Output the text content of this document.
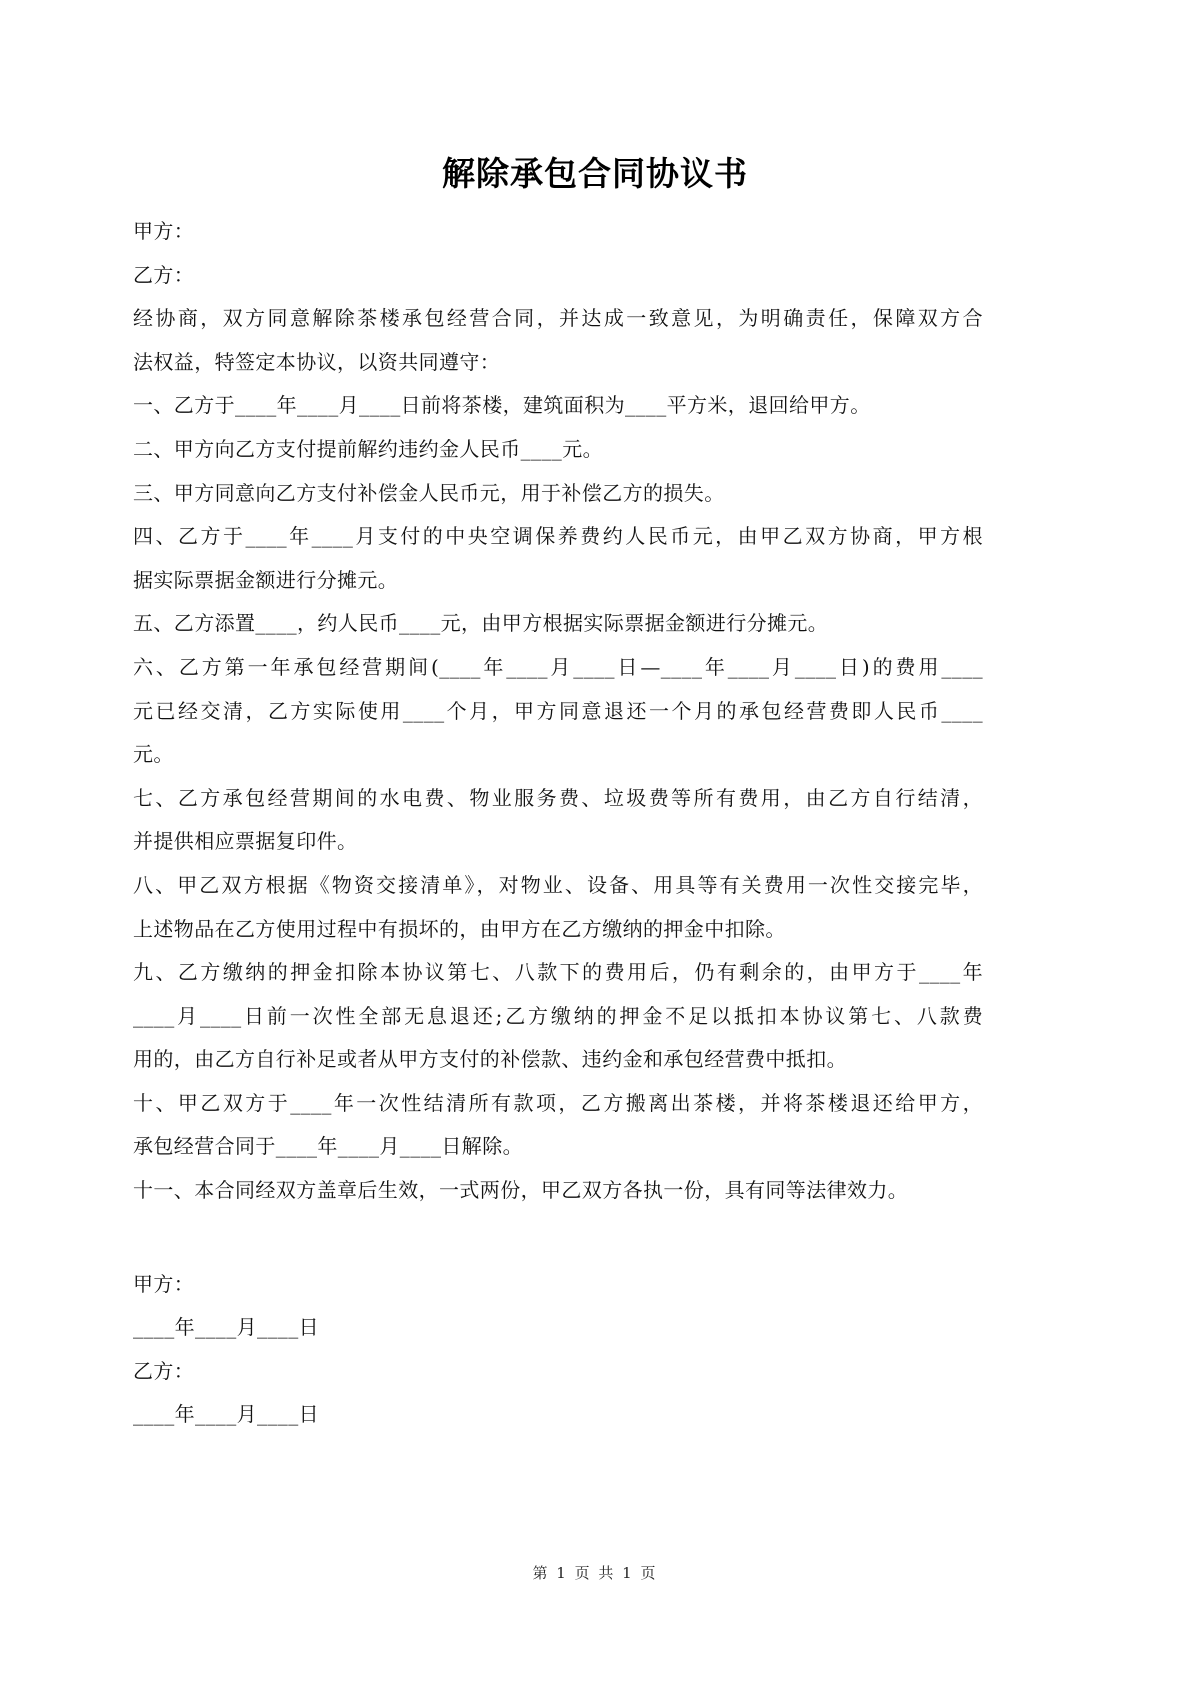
解除承包合同协议书
甲方：
乙方：
经协商，双方同意解除茶楼承包经营合同，并达成一致意见，为明确责任，保障双方合
法权益，特签定本协议，以资共同遵守：
一、乙方于____年____月____日前将茶楼，建筑面积为____平方米，退回给甲方。
二、甲方向乙方支付提前解约违约金人民币____元。
三、甲方同意向乙方支付补偿金人民币元，用于补偿乙方的损失。
四、乙方于____年____月支付的中央空调保养费约人民币元，由甲乙双方协商，甲方根
据实际票据金额进行分摊元。
五、乙方添置____，约人民币____元，由甲方根据实际票据金额进行分摊元。
六、乙方第一年承包经营期间(____年____月____日—____年____月____日)的费用____
元已经交清，乙方实际使用____个月，甲方同意退还一个月的承包经营费即人民币____
元。
七、乙方承包经营期间的水电费、物业服务费、垃圾费等所有费用，由乙方自行结清，
并提供相应票据复印件。
八、甲乙双方根据《物资交接清单》，对物业、设备、用具等有关费用一次性交接完毕，
上述物品在乙方使用过程中有损坏的，由甲方在乙方缴纳的押金中扣除。
九、乙方缴纳的押金扣除本协议第七、八款下的费用后，仍有剩余的，由甲方于____年
____月____日前一次性全部无息退还;乙方缴纳的押金不足以抵扣本协议第七、八款费
用的，由乙方自行补足或者从甲方支付的补偿款、违约金和承包经营费中抵扣。
十、甲乙双方于____年一次性结清所有款项，乙方搬离出茶楼，并将茶楼退还给甲方，
承包经营合同于____年____月____日解除。
十一、本合同经双方盖章后生效，一式两份，甲乙双方各执一份，具有同等法律效力。
甲方：
____年____月____日
乙方：
____年____月____日
第 1 页 共 1 页
